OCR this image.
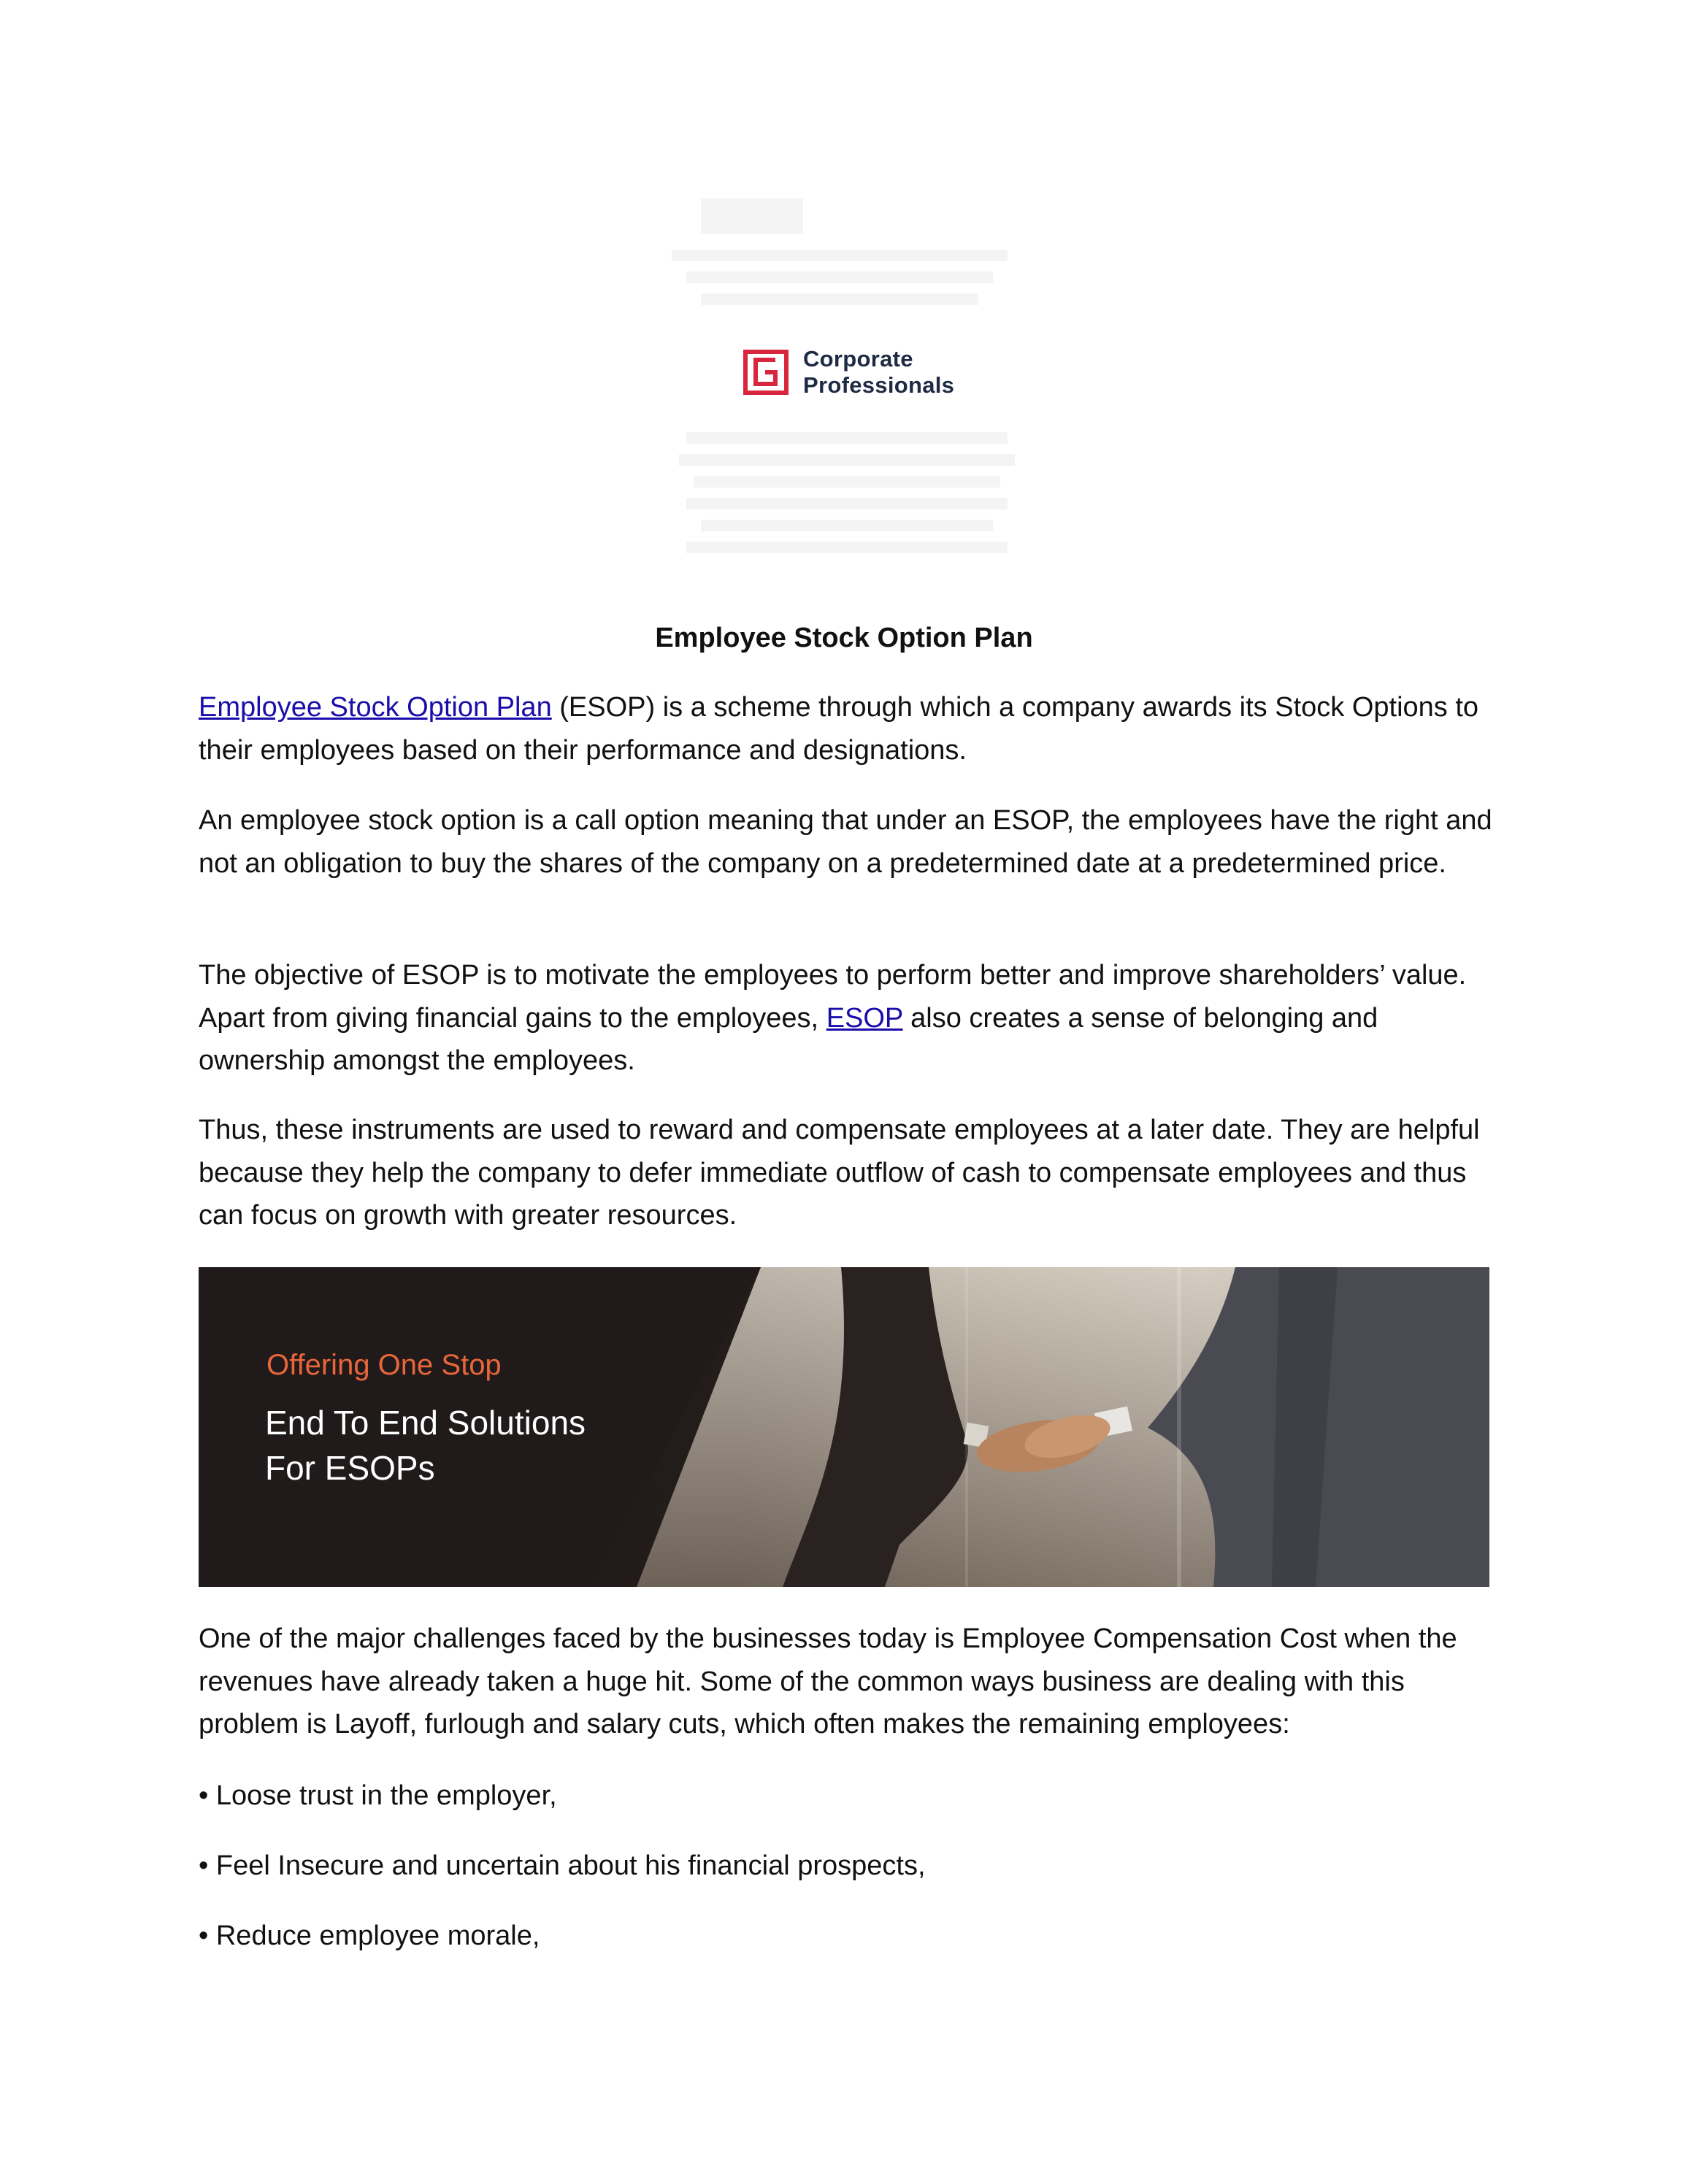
Corporate
Professionals
Employee Stock Option Plan

Employee Stock Option Plan (ESOP) is a scheme through which a company awards its Stock Options to their employees based on their performance and designations.

An employee stock option is a call option meaning that under an ESOP, the employees have the right and not an obligation to buy the shares of the company on a predetermined date at a predetermined price.

The objective of ESOP is to motivate the employees to perform better and improve shareholders’ value. Apart from giving financial gains to the employees, ESOP also creates a sense of belonging and ownership amongst the employees.

Thus, these instruments are used to reward and compensate employees at a later date. They are helpful because they help the company to defer immediate outflow of cash to compensate employees and thus can focus on growth with greater resources.

Offering One Stop

End To End Solutions
For ESOPs

One of the major challenges faced by the businesses today is Employee Compensation Cost when the revenues have already taken a huge hit. Some of the common ways business are dealing with this problem is Layoff, furlough and salary cuts, which often makes the remaining employees:

• Loose trust in the employer,

• Feel Insecure and uncertain about his financial prospects,

• Reduce employee morale,
